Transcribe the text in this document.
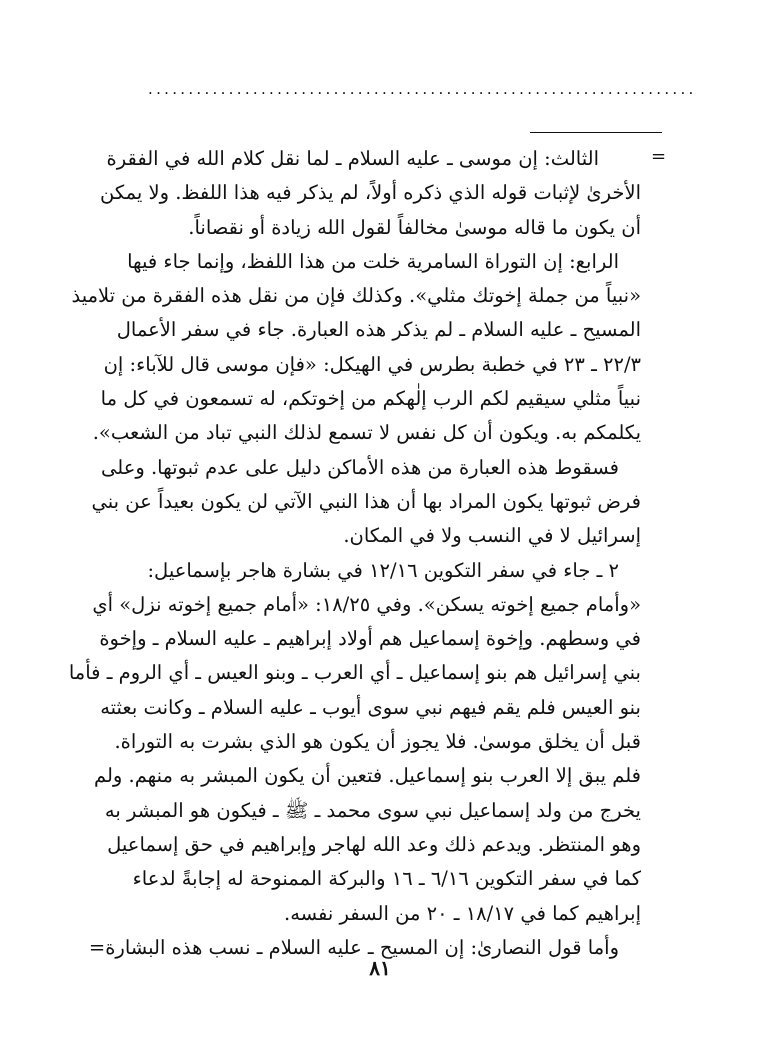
....................................................................
=
الثالث: إن موسى ـ عليه السلام ـ لما نقل كلام الله في الفقرة
الأخرىٰ لإثبات قوله الذي ذكره أولاً، لم يذكر فيه هذا اللفظ. ولا يمكن
أن يكون ما قاله موسىٰ مخالفاً لقول الله زيادة أو نقصاناً.
الرابع: إن التوراة السامرية خلت من هذا اللفظ، وإنما جاء فيها
«نبياً من جملة إخوتك مثلي». وكذلك فإن من نقل هذه الفقرة من تلاميذ
المسيح ـ عليه السلام ـ لم يذكر هذه العبارة. جاء في سفر الأعمال
٢٢/٣ ـ ٢٣ في خطبة بطرس في الهيكل: «فإن موسى قال للآباء: إن
نبياً مثلي سيقيم لكم الرب إلٰهكم من إخوتكم، له تسمعون في كل ما
يكلمكم به. ويكون أن كل نفس لا تسمع لذلك النبي تباد من الشعب».
فسقوط هذه العبارة من هذه الأماكن دليل على عدم ثبوتها. وعلى
فرض ثبوتها يكون المراد بها أن هذا النبي الآتي لن يكون بعيداً عن بني
إسرائيل لا في النسب ولا في المكان.
٢ ـ جاء في سفر التكوين ١٢/١٦ في بشارة هاجر بإسماعيل:
«وأمام جميع إخوته يسكن». وفي ١٨/٢٥: «أمام جميع إخوته نزل» أي
في وسطهم. وإخوة إسماعيل هم أولاد إبراهيم ـ عليه السلام ـ وإخوة
بني إسرائيل هم بنو إسماعيل ـ أي العرب ـ وبنو العيس ـ أي الروم ـ فأما
بنو العيس فلم يقم فيهم نبي سوى أيوب ـ عليه السلام ـ وكانت بعثته
قبل أن يخلق موسىٰ. فلا يجوز أن يكون هو الذي بشرت به التوراة.
فلم يبق إلا العرب بنو إسماعيل. فتعين أن يكون المبشر به منهم. ولم
يخرج من ولد إسماعيل نبي سوى محمد ـ ﷺ ـ فيكون هو المبشر به
وهو المنتظر. ويدعم ذلك وعد الله لهاجر وإبراهيم في حق إسماعيل
كما في سفر التكوين ٦/١٦ ـ ١٦ والبركة الممنوحة له إجابةً لدعاء
إبراهيم كما في ١٨/١٧ ـ ٢٠ من السفر نفسه.
وأما قول النصارىٰ: إن المسيح ـ عليه السلام ـ نسب هذه البشارة=
٨١
